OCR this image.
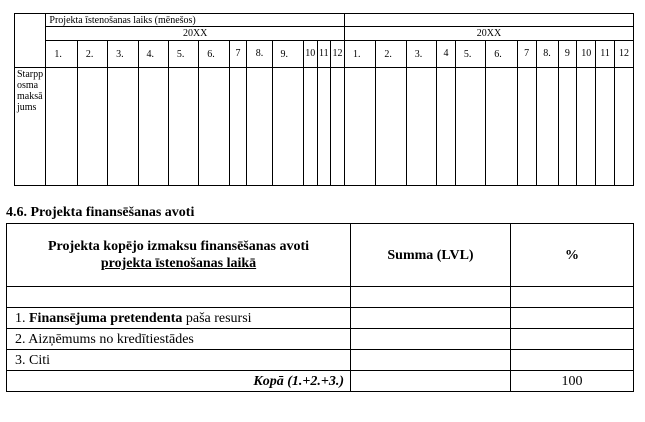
	Projekta īstenošanas laiks (mēnešos)																							
	20XX												20XX											
	1.	2.	3.	4.	5.	6.	7	8.	9.	10	11	12	1.	2.	3.	4	5.	6.	7	8.	9	10	11	12
Starpposma maksājums																								
4.6. Projekta finansēšanas avoti
Projekta kopējo izmaksu finansēšanas avoti
projekta īstenošanas laikā	Summa (LVL)	%

1. Finansējuma pretendenta paša resursi		
2. Aizņēmums no kredītiestādes		
3. Citi		
Kopā (1.+2.+3.)		100
